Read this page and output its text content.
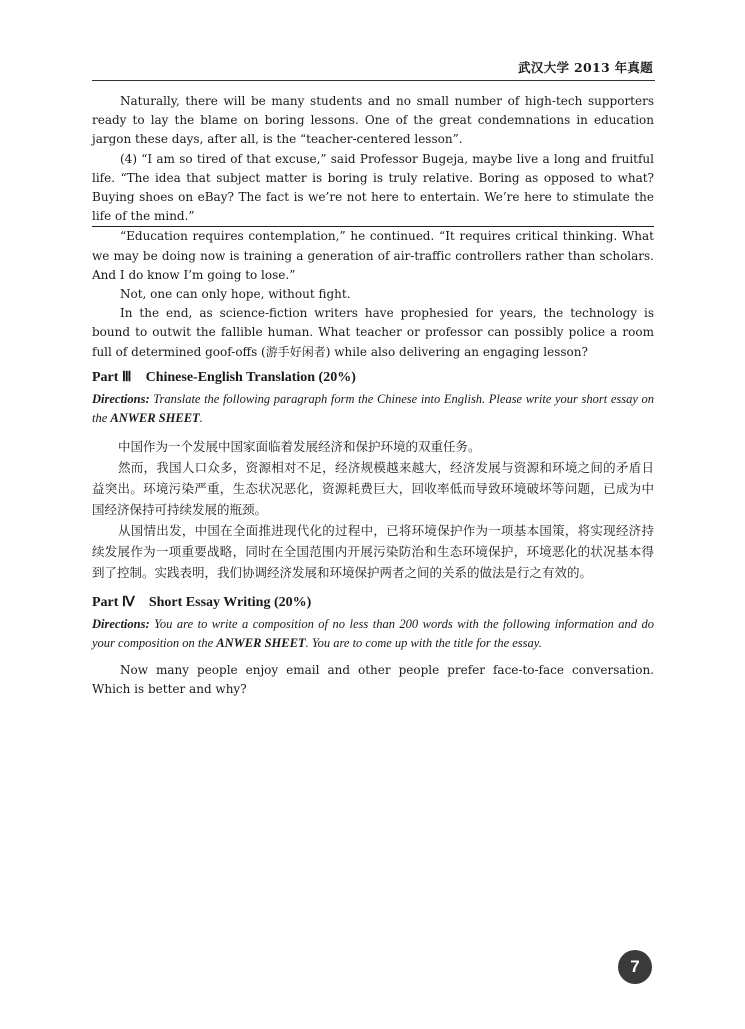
武汉大学 2013 年真题

Naturally, there will be many students and no small number of high-tech supporters ready to lay the blame on boring lessons. One of the great condemnations in education jargon these days, after all, is the “teacher-centered lesson”.

(4) “I am so tired of that excuse,” said Professor Bugeja, maybe live a long and fruitful life. “The idea that subject matter is boring is truly relative. Boring as opposed to what? Buying shoes on eBay? The fact is we’re not here to entertain. We’re here to stimulate the life of the mind.”

“Education requires contemplation,” he continued. “It requires critical thinking. What we may be doing now is training a generation of air-traffic controllers rather than scholars. And I do know I’m going to lose.”

Not, one can only hope, without fight.

In the end, as science-fiction writers have prophesied for years, the technology is bound to outwit the fallible human. What teacher or professor can possibly police a room full of determined goof-offs (游手好闲者) while also delivering an engaging lesson?

Part Ⅲ　Chinese-English Translation (20%)

Directions: Translate the following paragraph form the Chinese into English. Please write your short essay on the ANWER SHEET.

中国作为一个发展中国家面临着发展经济和保护环境的双重任务。

然而，我国人口众多，资源相对不足，经济规模越来越大，经济发展与资源和环境之间的矛盾日益突出。环境污染严重，生态状况恶化，资源耗费巨大，回收率低而导致环境破坏等问题，已成为中国经济保持可持续发展的瓶颈。

从国情出发，中国在全面推进现代化的过程中，已将环境保护作为一项基本国策，将实现经济持续发展作为一项重要战略，同时在全国范围内开展污染防治和生态环境保护，环境恶化的状况基本得到了控制。实践表明，我们协调经济发展和环境保护两者之间的关系的做法是行之有效的。

Part Ⅳ　Short Essay Writing (20%)

Directions: You are to write a composition of no less than 200 words with the following information and do your composition on the ANWER SHEET. You are to come up with the title for the essay.

Now many people enjoy email and other people prefer face-to-face conversation. Which is better and why?

7
